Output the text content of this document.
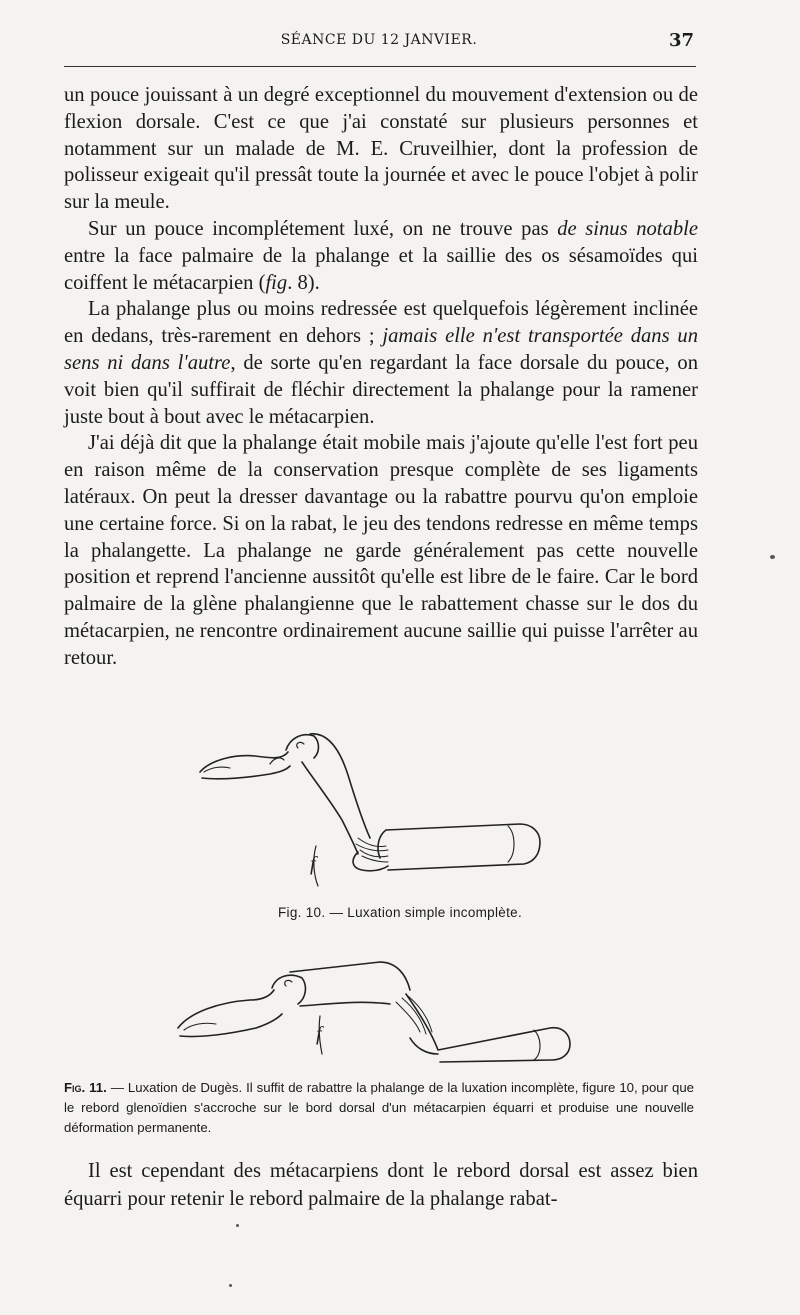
SÉANCE DU 12 JANVIER.	37

un pouce jouissant à un degré exceptionnel du mouvement d'extension ou de flexion dorsale. C'est ce que j'ai constaté sur plusieurs personnes et notamment sur un malade de M. E. Cruveilhier, dont la profession de polisseur exigeait qu'il pressât toute la journée et avec le pouce l'objet à polir sur la meule.

Sur un pouce incomplétement luxé, on ne trouve pas de sinus notable entre la face palmaire de la phalange et la saillie des os sésamoïdes qui coiffent le métacarpien (fig. 8).

La phalange plus ou moins redressée est quelquefois légèrement inclinée en dedans, très-rarement en dehors ; jamais elle n'est transportée dans un sens ni dans l'autre, de sorte qu'en regardant la face dorsale du pouce, on voit bien qu'il suffirait de fléchir directement la phalange pour la ramener juste bout à bout avec le métacarpien.

J'ai déjà dit que la phalange était mobile mais j'ajoute qu'elle l'est fort peu en raison même de la conservation presque complète de ses ligaments latéraux. On peut la dresser davantage ou la rabattre pourvu qu'on emploie une certaine force. Si on la rabat, le jeu des tendons redresse en même temps la phalangette. La phalange ne garde généralement pas cette nouvelle position et reprend l'ancienne aussitôt qu'elle est libre de le faire. Car le bord palmaire de la glène phalangienne que le rabattement chasse sur le dos du métacarpien, ne rencontre ordinairement aucune saillie qui puisse l'arrêter au retour.

f
Fig. 10. — Luxation simple incomplète.
f
Fig. 11. — Luxation de Dugès. Il suffit de rabattre la phalange de la luxation incomplète, figure 10, pour que le rebord glenoïdien s'accroche sur le bord dorsal d'un métacarpien équarri et produise une nouvelle déformation permanente.

Il est cependant des métacarpiens dont le rebord dorsal est assez bien équarri pour retenir le rebord palmaire de la phalange rabat-
